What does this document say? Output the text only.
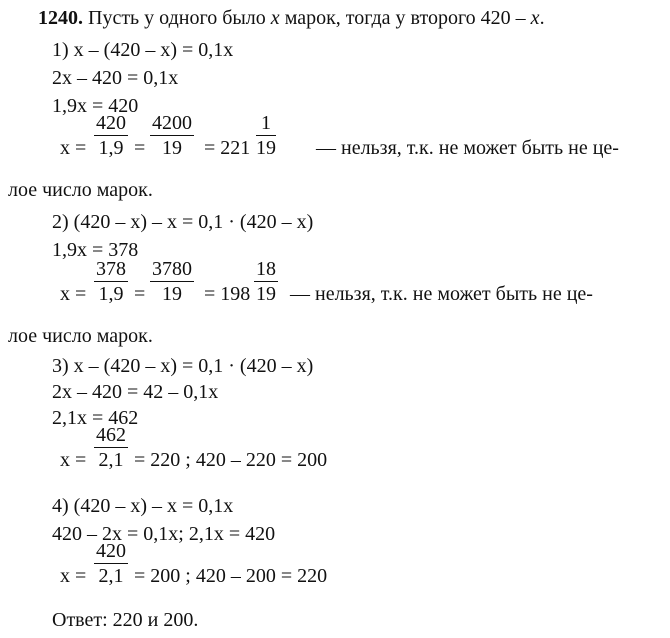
1240. Пусть у одного было x марок, тогда у второго 420 – x.
1) x – (420 – x) = 0,1x
2x – 420 = 0,1x
1,9x = 420
$x = \frac{420}{1,9} = \frac{4200}{19} = 221 \frac{1}{19}$ — нельзя, т.к. не может быть не це-
лое число марок.
2) (420 – x) – x = 0,1 · (420 – x)
1,9x = 378
$x = \frac{378}{1,9} = \frac{3780}{19} = 198 \frac{18}{19}$ — нельзя, т.к. не может быть не це-
лое число марок.
3) x – (420 – x) = 0,1 · (420 – x)
2x – 420 = 42 – 0,1x
2,1x = 462
$x = \frac{462}{2,1} = 220$ ; 420 – 220 = 200
4) (420 – x) – x = 0,1x
420 – 2x = 0,1x; 2,1x = 420
$x = \frac{420}{2,1} = 200$ ; 420 – 200 = 220
Ответ: 220 и 200.
